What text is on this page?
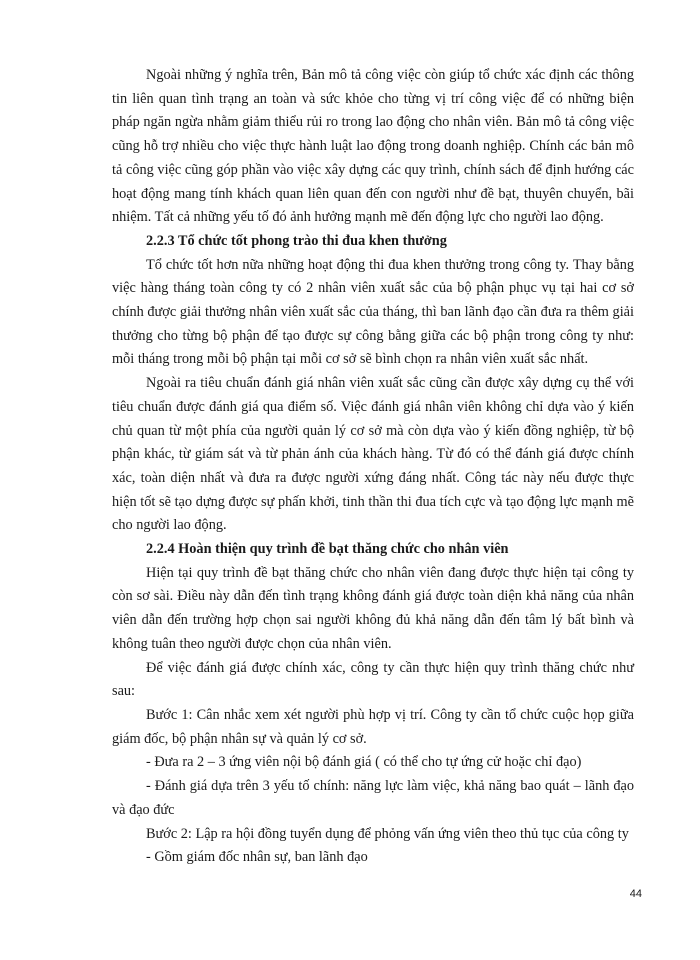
Ngoài những ý nghĩa trên, Bản mô tả công việc còn giúp tổ chức xác định các thông tin liên quan tình trạng an toàn và sức khỏe cho từng vị trí công việc để có những biện pháp ngăn ngừa nhằm giảm thiểu rủi ro trong lao động cho nhân viên. Bản mô tả công việc cũng hỗ trợ nhiều cho việc thực hành luật lao động trong doanh nghiệp. Chính các bản mô tả công việc cũng góp phần vào việc xây dựng các quy trình, chính sách để định hướng các hoạt động mang tính khách quan liên quan đến con người như đề bạt, thuyên chuyển, bãi nhiệm. Tất cả những yếu tố đó ảnh hưởng mạnh mẽ đến động lực cho người lao động.

2.2.3 Tổ chức tốt phong trào thi đua khen thưởng

Tổ chức tốt hơn nữa những hoạt động thi đua khen thưởng trong công ty. Thay bằng việc hàng tháng toàn công ty có 2 nhân viên xuất sắc của bộ phận phục vụ tại hai cơ sở chính được giải thưởng nhân viên xuất sắc của tháng, thì ban lãnh đạo cần đưa ra thêm giải thưởng cho từng bộ phận để tạo được sự công bằng giữa các bộ phận trong công ty như: mỗi tháng trong mỗi bộ phận tại mỗi cơ sở sẽ bình chọn ra nhân viên xuất sắc nhất.

Ngoài ra tiêu chuẩn đánh giá nhân viên xuất sắc cũng cần được xây dựng cụ thể với tiêu chuẩn được đánh giá qua điểm số. Việc đánh giá nhân viên không chỉ dựa vào ý kiến chủ quan từ một phía của người quản lý cơ sở mà còn dựa vào ý kiến đồng nghiệp, từ bộ phận khác, từ giám sát và từ phản ánh của khách hàng. Từ đó có thể đánh giá được chính xác, toàn diện nhất và đưa ra được người xứng đáng nhất. Công tác này nếu được thực hiện tốt sẽ tạo dựng được sự phấn khởi, tinh thần thi đua tích cực và tạo động lực mạnh mẽ cho người lao động.

2.2.4 Hoàn thiện quy trình đề bạt thăng chức cho nhân viên

Hiện tại quy trình đề bạt thăng chức cho nhân viên đang được thực hiện tại công ty còn sơ sài. Điều này dẫn đến tình trạng không đánh giá được toàn diện khả năng của nhân viên dẫn đến trường hợp chọn sai người không đủ khả năng dẫn đến tâm lý bất bình và không tuân theo người được chọn của nhân viên.

Để việc đánh giá được chính xác, công ty cần thực hiện quy trình thăng chức như sau:

Bước 1: Cân nhắc xem xét người phù hợp vị trí. Công ty cần tổ chức cuộc họp giữa giám đốc, bộ phận nhân sự và quản lý cơ sở.

- Đưa ra 2 – 3 ứng viên nội bộ đánh giá ( có thể cho tự ứng cử hoặc chỉ đạo)

- Đánh giá dựa trên 3 yếu tố chính: năng lực làm việc, khả năng bao quát – lãnh đạo và đạo đức

Bước 2: Lập ra hội đồng tuyển dụng để phỏng vấn ứng viên theo thủ tục của công ty

- Gồm giám đốc nhân sự, ban lãnh đạo

44
